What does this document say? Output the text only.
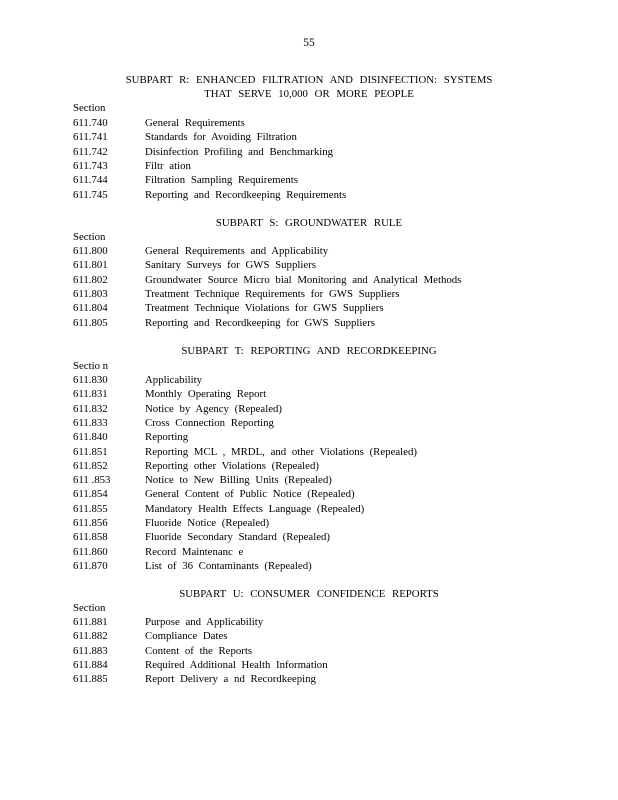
55
SUBPART R: ENHANCED FILTRATION AND DISINFECTION: SYSTEMS
THAT SERVE 10,000 OR MORE PEOPLE
Section
611.740	General Requirements
611.741	Standards for Avoiding Filtration
611.742	Disinfection Profiling and Benchmarking
611.743	Filtr ation
611.744	Filtration Sampling Requirements
611.745	Reporting and Recordkeeping Requirements
SUBPART S: GROUNDWATER RULE
Section
611.800	General Requirements and Applicability
611.801	Sanitary Surveys for GWS Suppliers
611.802	Groundwater Source Micro bial Monitoring and Analytical Methods
611.803	Treatment Technique Requirements for GWS Suppliers
611.804	Treatment Technique Violations for GWS Suppliers
611.805	Reporting and Recordkeeping for GWS Suppliers
SUBPART T: REPORTING AND RECORDKEEPING
Sectio n
611.830	Applicability
611.831	Monthly Operating Report
611.832	Notice by Agency (Repealed)
611.833	Cross Connection Reporting
611.840	Reporting
611.851	Reporting MCL , MRDL, and other Violations (Repealed)
611.852	Reporting other Violations (Repealed)
611 .853	Notice to New Billing Units (Repealed)
611.854	General Content of Public Notice (Repealed)
611.855	Mandatory Health Effects Language (Repealed)
611.856	Fluoride Notice (Repealed)
611.858	Fluoride Secondary Standard (Repealed)
611.860	Record Maintenanc e
611.870	List of 36 Contaminants (Repealed)
SUBPART U: CONSUMER CONFIDENCE REPORTS
Section
611.881	Purpose and Applicability
611.882	Compliance Dates
611.883	Content of the Reports
611.884	Required Additional Health Information
611.885	Report Delivery a nd Recordkeeping
